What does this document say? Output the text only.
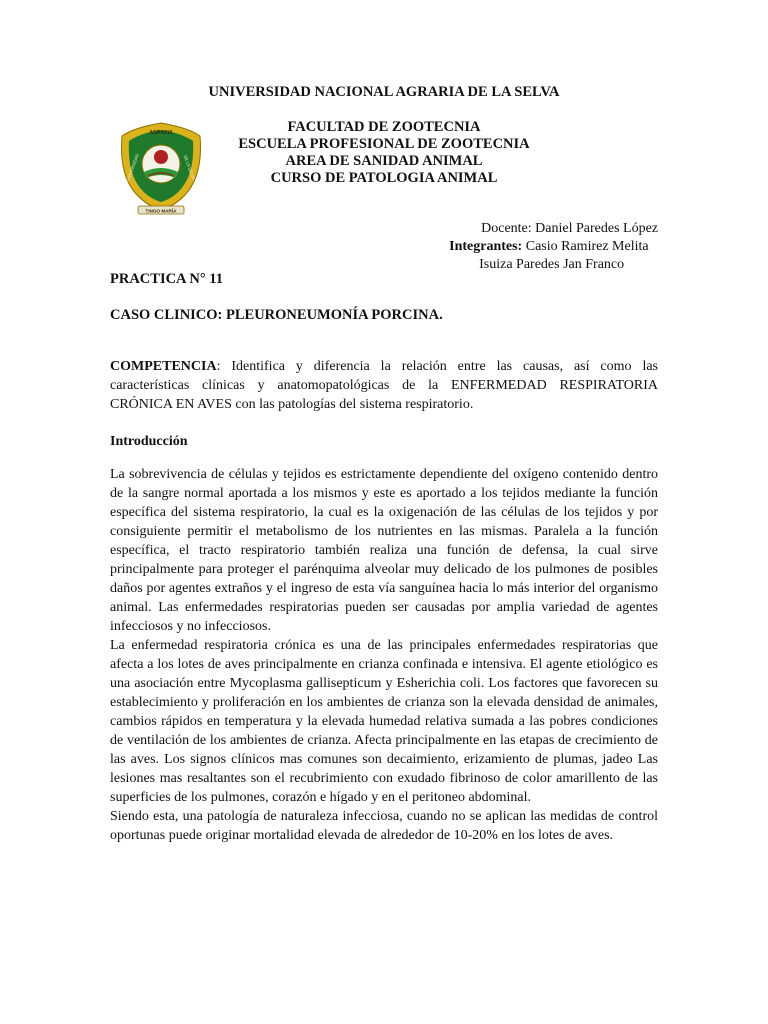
UNIVERSIDAD NACIONAL AGRARIA DE LA SELVA
AGRARIA
UNIVERSIDAD	DE LA SELVA
TINGO MARÍA
FACULTAD DE ZOOTECNIA
ESCUELA PROFESIONAL DE ZOOTECNIA
AREA DE SANIDAD ANIMAL
CURSO DE PATOLOGIA ANIMAL
Docente: Daniel Paredes López
Integrantes: Casio Ramirez Melita
Isuiza Paredes Jan Franco
PRACTICA N° 11
CASO CLINICO: PLEURONEUMONÍA PORCINA.
COMPETENCIA: Identifica y diferencia la relación entre las causas, así como las características clínicas y anatomopatológicas de la ENFERMEDAD RESPIRATORIA CRÓNICA EN AVES con las patologías del sistema respiratorio.
Introducción

La sobrevivencia de células y tejidos es estrictamente dependiente del oxígeno contenido dentro de la sangre normal aportada a los mismos y este es aportado a los tejidos mediante la función específica del sistema respiratorio, la cual es la oxigenación de las células de los tejidos y por consiguiente permitir el metabolismo de los nutrientes en las mismas. Paralela a la función específica, el tracto respiratorio también realiza una función de defensa, la cual sirve principalmente para proteger el parénquima alveolar muy delicado de los pulmones de posibles daños por agentes extraños y el ingreso de esta vía sanguínea hacia lo más interior del organismo animal. Las enfermedades respiratorias pueden ser causadas por amplia variedad de agentes infecciosos y no infecciosos.

La enfermedad respiratoria crónica es una de las principales enfermedades respiratorias que afecta a los lotes de aves principalmente en crianza confinada e intensiva. El agente etiológico es una asociación entre Mycoplasma gallisepticum y Esherichia coli. Los factores que favorecen su establecimiento y proliferación en los ambientes de crianza son la elevada densidad de animales, cambios rápidos en temperatura y la elevada humedad relativa sumada a las pobres condiciones de ventilación de los ambientes de crianza. Afecta principalmente en las etapas de crecimiento de las aves. Los signos clínicos mas comunes son decaimiento, erizamiento de plumas, jadeo Las lesiones mas resaltantes son el recubrimiento con exudado fibrinoso de color amarillento de las superficies de los pulmones, corazón e hígado y en el peritoneo abdominal.

Siendo esta, una patología de naturaleza infecciosa, cuando no se aplican las medidas de control oportunas puede originar mortalidad elevada de alrededor de 10-20% en los lotes de aves.
